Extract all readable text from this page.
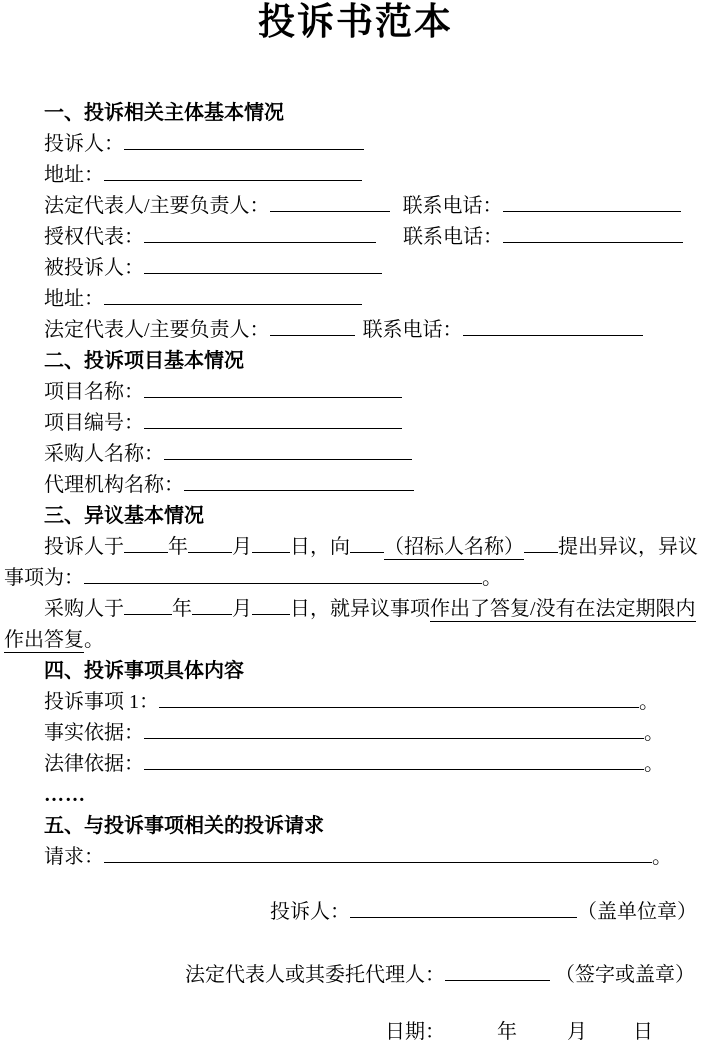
投诉书范本
一、投诉相关主体基本情况
投诉人：
地址：
法定代表人/主要负责人：	联系电话：
授权代表：	联系电话：
被投诉人：
地址：
法定代表人/主要负责人：	联系电话：
二、投诉项目基本情况
项目名称：
项目编号：
采购人名称：
代理机构名称：
三、异议基本情况
投诉人于 年 月 日，向 （招标人名称） 提出异议，异议
事项为：	。
采购人于 年 月 日，就异议事项作出了答复/没有在法定期限内
作出答复。
四、投诉事项具体内容
投诉事项 1：	。
事实依据：	。
法律依据：	。
……
五、与投诉事项相关的投诉请求
请求：	。
投诉人：	（盖单位章）
法定代表人或其委托代理人：	（签字或盖章）
日期：	年	月 日
